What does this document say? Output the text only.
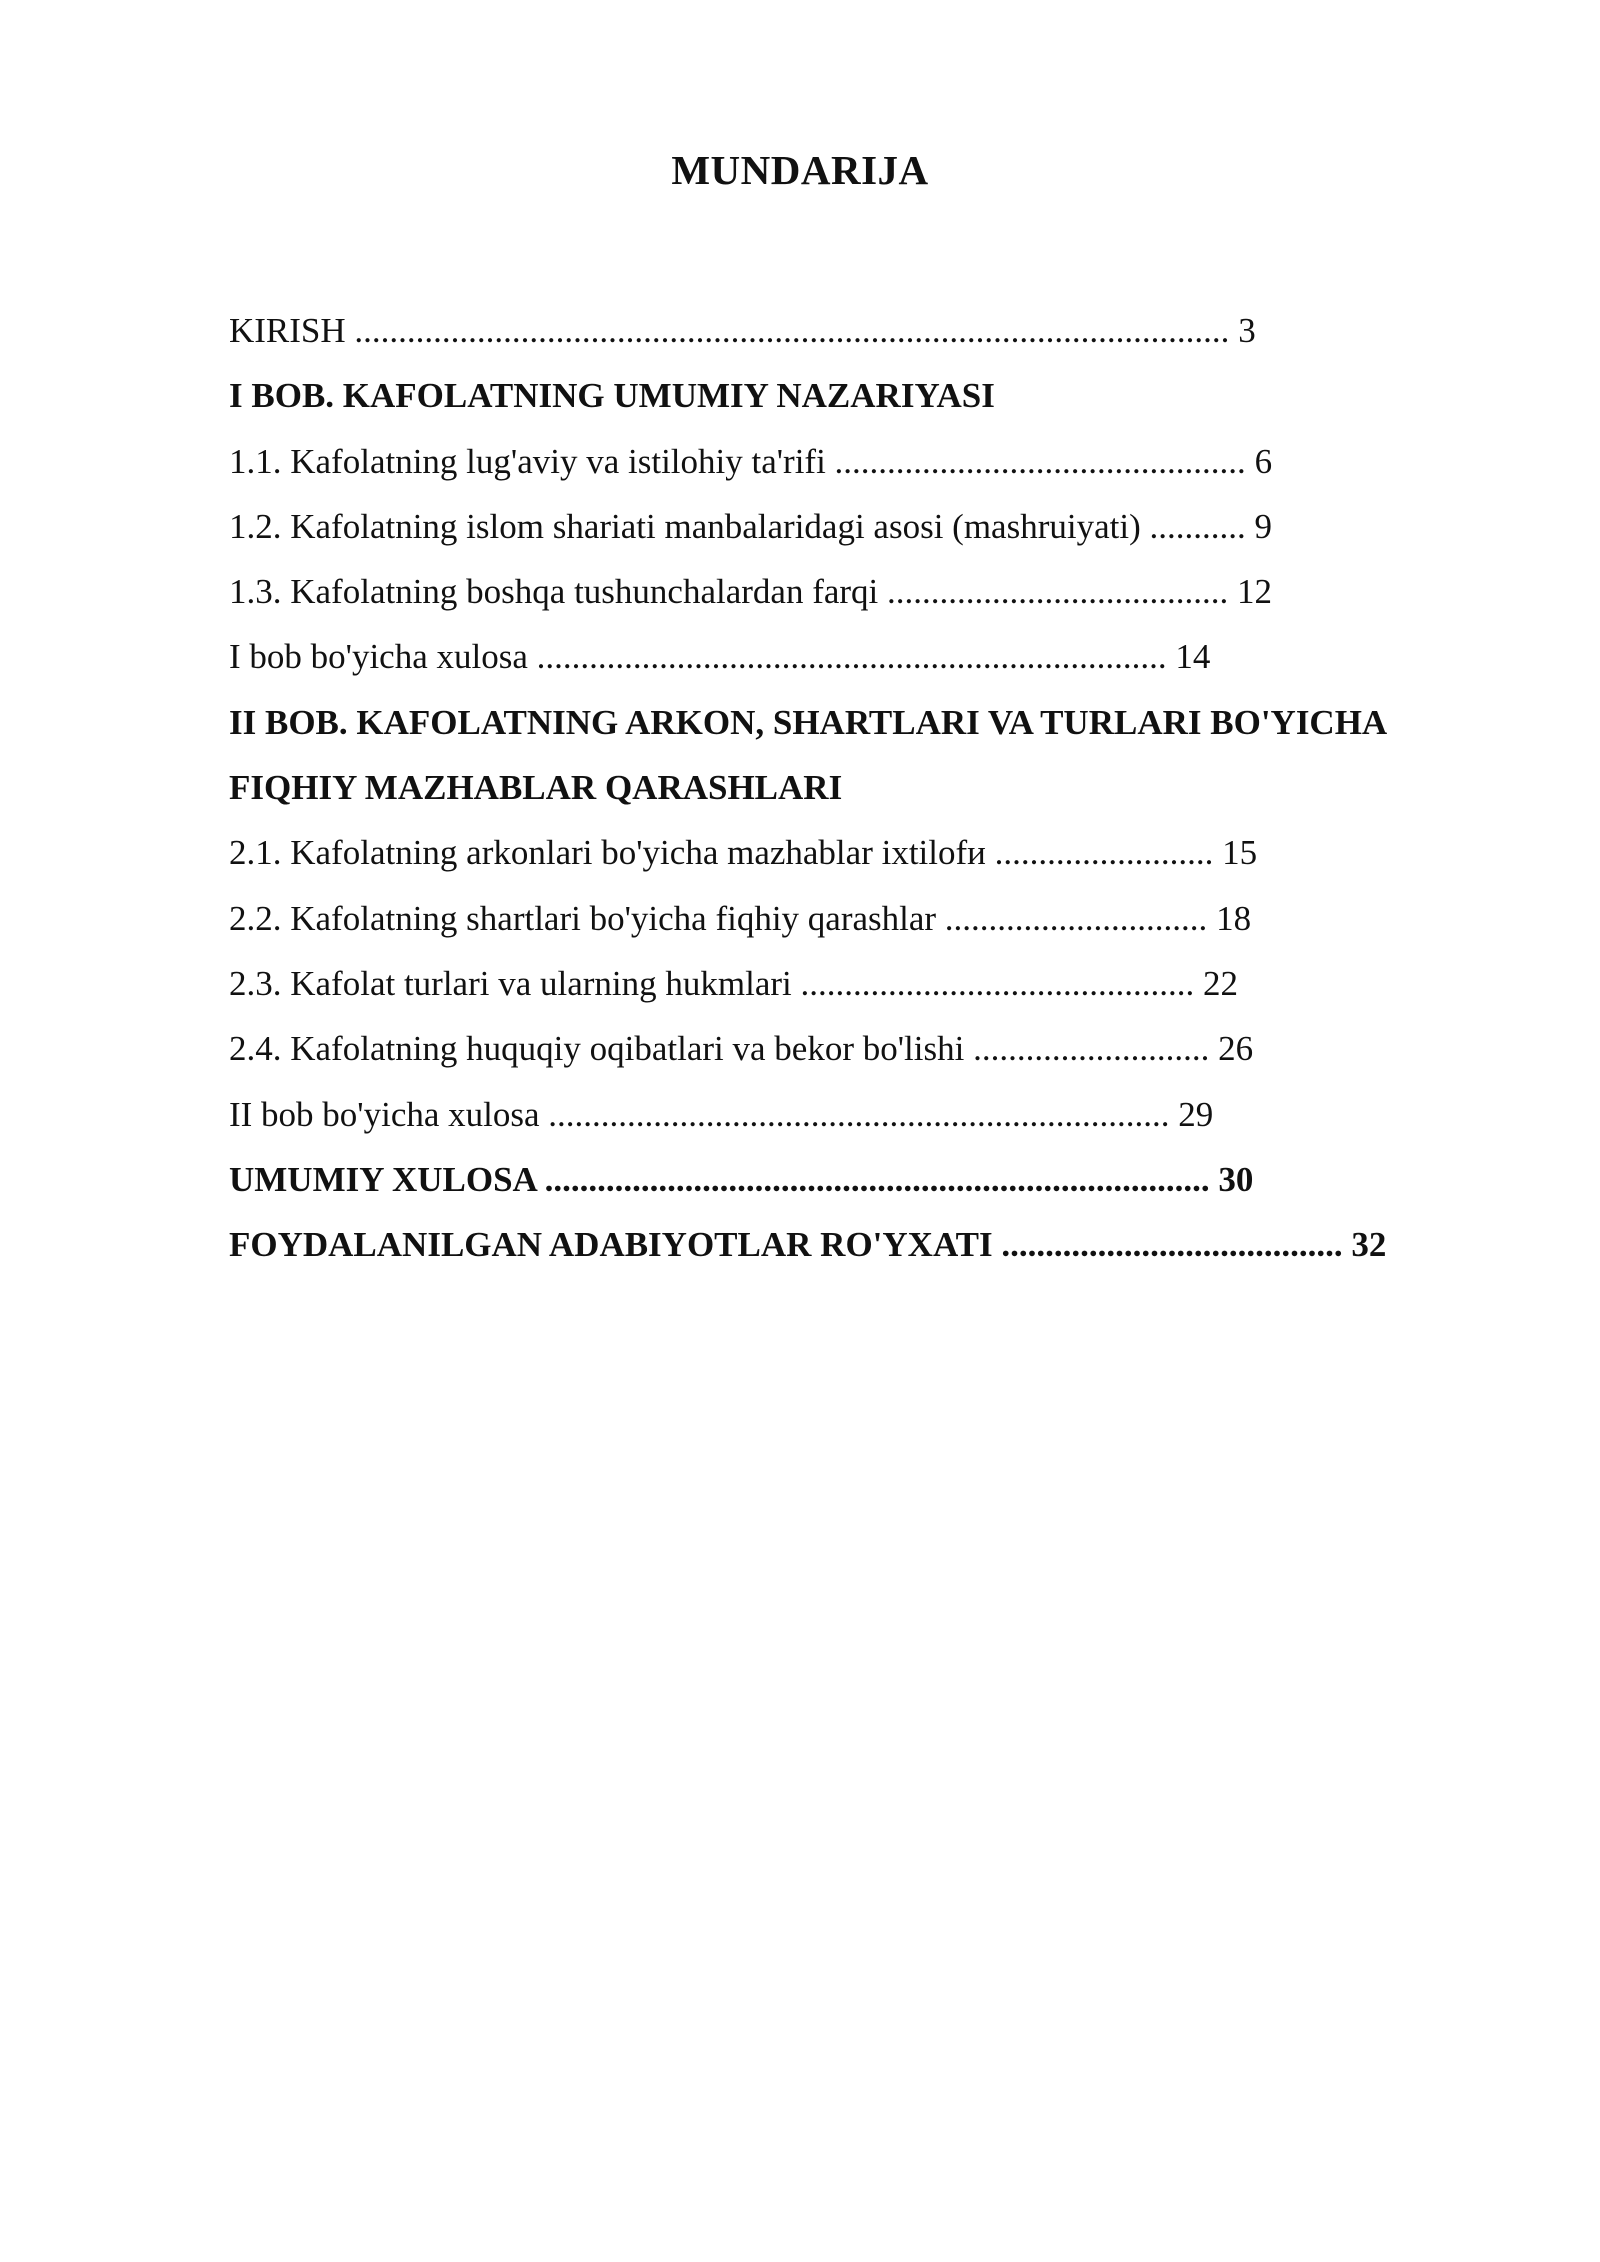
MUNDARIJA
KIRISH .................................................................................................... 3
I BOB. KAFOLATNING UMUMIY NAZARIYASI
1.1. Kafolatning lug'aviy va istilohiy ta'rifi ............................................... 6
1.2. Kafolatning islom shariati manbalaridagi asosi (mashruiyati) ........... 9
1.3. Kafolatning boshqa tushunchalardan farqi ....................................... 12
I bob bo'yicha xulosa ........................................................................ 14
II BOB. KAFOLATNING ARKON, SHARTLARI VA TURLARI BO'YICHA
FIQHIY MAZHABLAR QARASHLARI
2.1. Kafolatning arkonlari bo'yicha mazhablar ixtilofи ......................... 15
2.2. Kafolatning shartlari bo'yicha fiqhiy qarashlar .............................. 18
2.3. Kafolat turlari va ularning hukmlari ............................................. 22
2.4. Kafolatning huquqiy oqibatlari va bekor bo'lishi ........................... 26
II bob bo'yicha xulosa ....................................................................... 29
UMUMIY XULOSA ............................................................................ 30
FOYDALANILGAN ADABIYOTLAR RO'YXATI ....................................... 32
